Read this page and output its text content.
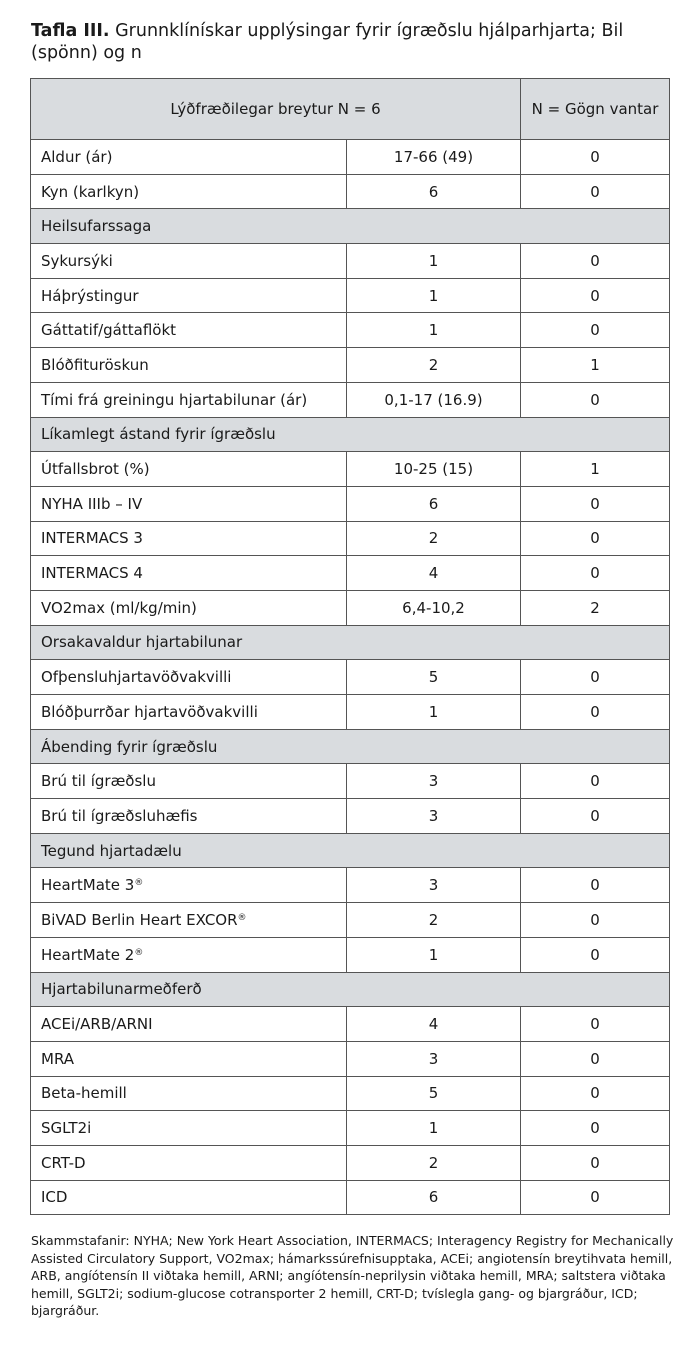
Tafla III. Grunnklínískar upplýsingar fyrir ígræðslu hjálparhjarta; Bil (spönn) og n

Lýðfræðilegar breytur N = 6		N = Gögn vantar
Aldur (ár)	17-66 (49)	0
Kyn (karlkyn)	6	0
Heilsufarssaga		
Sykursýki	1	0
Háþrýstingur	1	0
Gáttatif/gáttaflökt	1	0
Blóðfituröskun	2	1
Tími frá greiningu hjartabilunar (ár)	0,1-17 (16.9)	0
Líkamlegt ástand fyrir ígræðslu		
Útfallsbrot (%)	10-25 (15)	1
NYHA IIIb – IV	6	0
INTERMACS 3	2	0
INTERMACS 4	4	0
VO2max (ml/kg/min)	6,4-10,2	2
Orsakavaldur hjartabilunar		
Ofþensluhjartavöðvakvilli	5	0
Blóðþurrðar hjartavöðvakvilli	1	0
Ábending fyrir ígræðslu		
Brú til ígræðslu	3	0
Brú til ígræðsluhæfis	3	0
Tegund hjartadælu		
HeartMate 3®	3	0
BiVAD Berlin Heart EXCOR®	2	0
HeartMate 2®	1	0
Hjartabilunarmeðferð		
ACEi/ARB/ARNI	4	0
MRA	3	0
Beta-hemill	5	0
SGLT2i	1	0
CRT-D	2	0
ICD	6	0

Skammstafanir: NYHA; New York Heart Association, INTERMACS; Interagency Registry for Mechanically Assisted Circulatory Support, VO2max; hámarkssúrefnisupptaka, ACEi; angiotensín breytihvata hemill, ARB, angíótensín II viðtaka hemill, ARNI; angíótensín-neprilysin viðtaka hemill, MRA; saltstera viðtaka hemill, SGLT2i; sodium-glucose cotransporter 2 hemill, CRT-D; tvíslegla gang- og bjargráður, ICD; bjargráður.
